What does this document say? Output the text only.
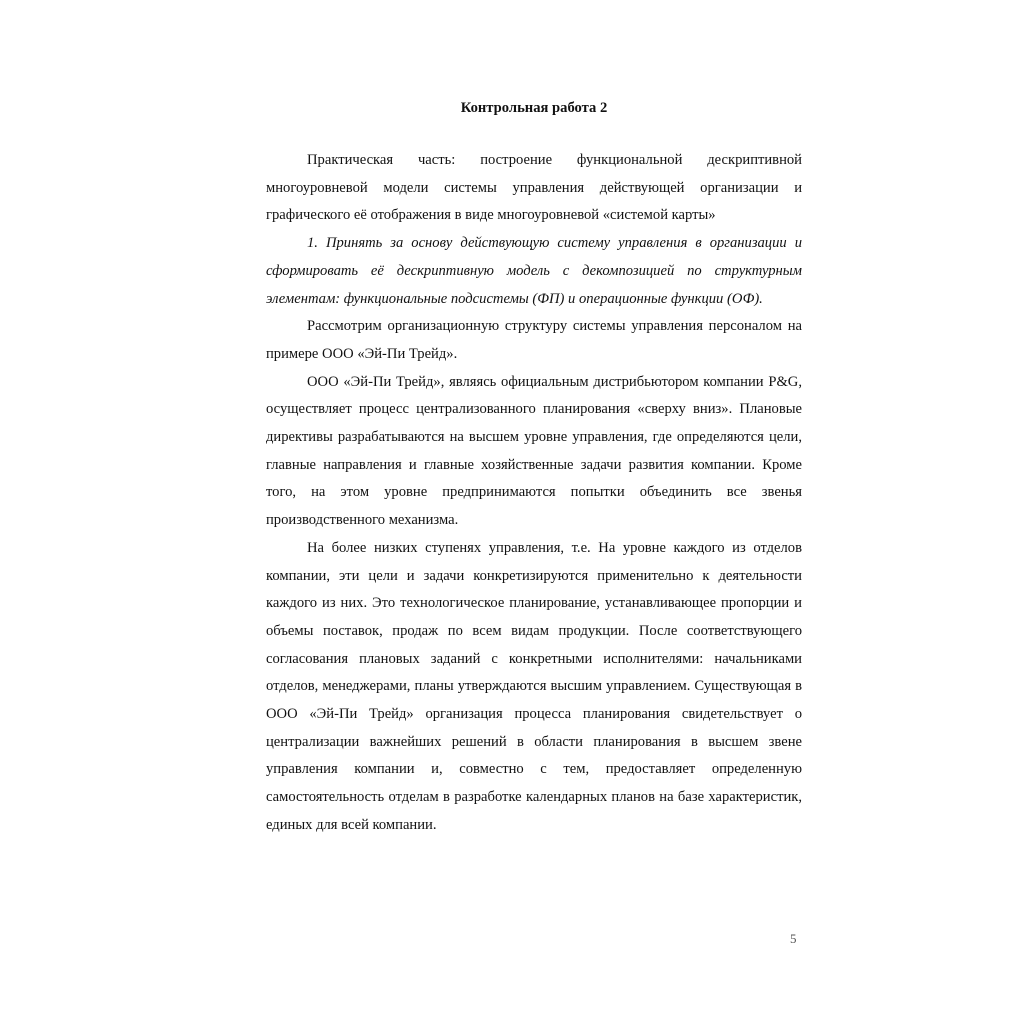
Контрольная работа 2

Практическая часть: построение функциональной дескриптивной многоуровневой модели системы управления действующей организации и графического её отображения в виде многоуровневой «системой карты»

1. Принять за основу действующую систему управления в организации и сформировать её дескриптивную модель с декомпозицией по структурным элементам: функциональные подсистемы (ФП) и операционные функции (ОФ).

Рассмотрим организационную структуру системы управления персоналом на примере ООО «Эй-Пи Трейд».

ООО «Эй-Пи Трейд», являясь официальным дистрибьютором компании P&G, осуществляет процесс централизованного планирования «сверху вниз». Плановые директивы разрабатываются на высшем уровне управления, где определяются цели, главные направления и главные хозяйственные задачи развития компании. Кроме того, на этом уровне предпринимаются попытки объединить все звенья производственного механизма.

На более низких ступенях управления, т.е. На уровне каждого из отделов компании, эти цели и задачи конкретизируются применительно к деятельности каждого из них. Это технологическое планирование, устанавливающее пропорции и объемы поставок, продаж по всем видам продукции. После соответствующего согласования плановых заданий с конкретными исполнителями: начальниками отделов, менеджерами, планы утверждаются высшим управлением. Существующая в ООО «Эй-Пи Трейд» организация процесса планирования свидетельствует о централизации важнейших решений в области планирования в высшем звене управления компании и, совместно с тем, предоставляет определенную самостоятельность отделам в разработке календарных планов на базе характеристик, единых для всей компании.

5
